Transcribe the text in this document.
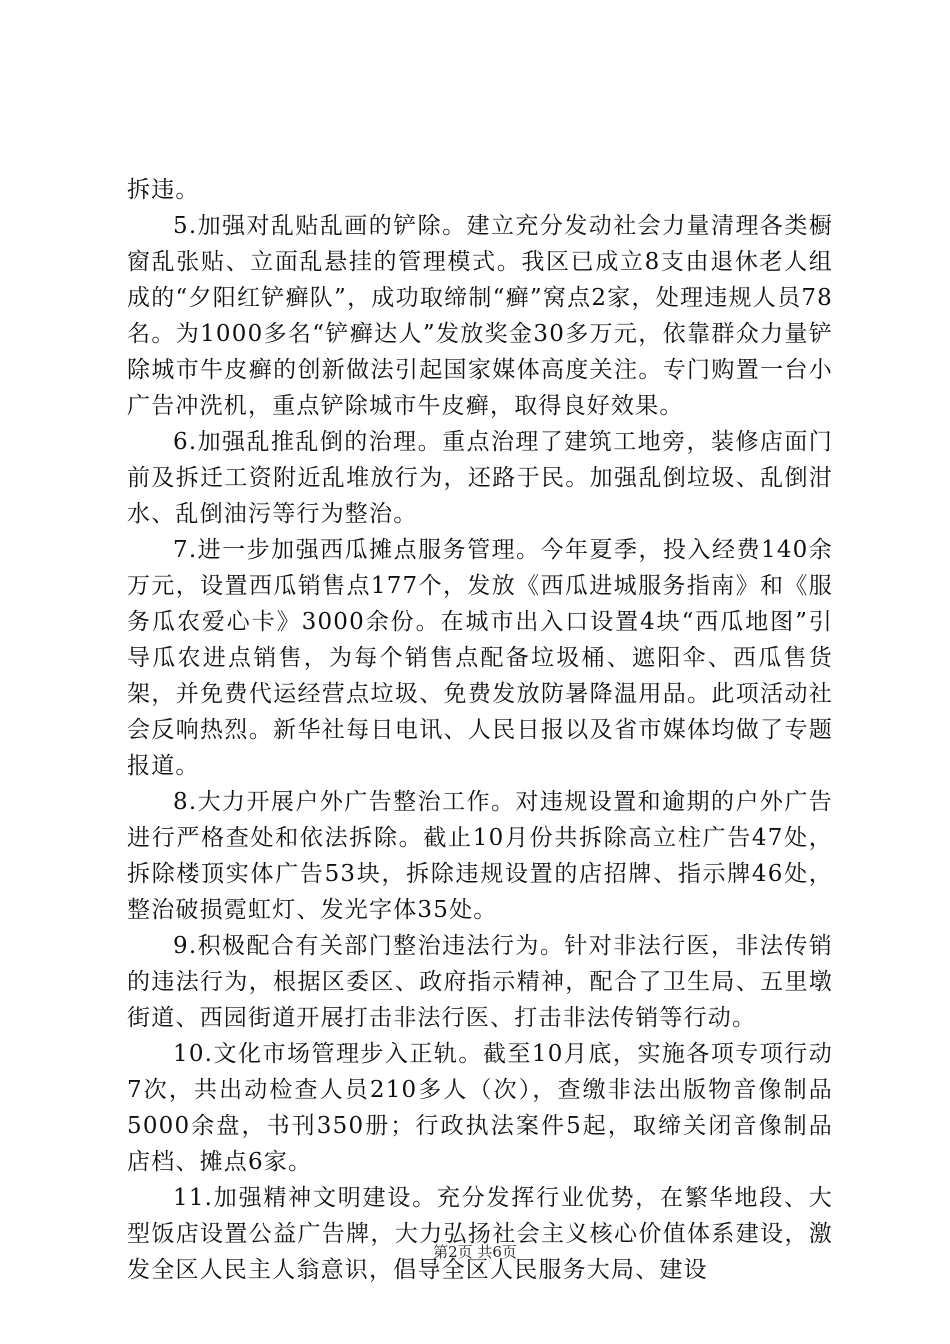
拆违。

5.加强对乱贴乱画的铲除。建立充分发动社会力量清理各类橱窗乱张贴、立面乱悬挂的管理模式。我区已成立8支由退休老人组成的“夕阳红铲癣队”，成功取缔制“癣”窝点2家，处理违规人员78名。为1000多名“铲癣达人”发放奖金30多万元，依靠群众力量铲除城市牛皮癣的创新做法引起国家媒体高度关注。专门购置一台小广告冲洗机，重点铲除城市牛皮癣，取得良好效果。

6.加强乱推乱倒的治理。重点治理了建筑工地旁，装修店面门前及拆迁工资附近乱堆放行为，还路于民。加强乱倒垃圾、乱倒泔水、乱倒油污等行为整治。

7.进一步加强西瓜摊点服务管理。今年夏季，投入经费140余万元，设置西瓜销售点177个，发放《西瓜进城服务指南》和《服务瓜农爱心卡》3000余份。在城市出入口设置4块“西瓜地图”引导瓜农进点销售，为每个销售点配备垃圾桶、遮阳伞、西瓜售货架，并免费代运经营点垃圾、免费发放防暑降温用品。此项活动社会反响热烈。新华社每日电讯、人民日报以及省市媒体均做了专题报道。

8.大力开展户外广告整治工作。对违规设置和逾期的户外广告进行严格查处和依法拆除。截止10月份共拆除高立柱广告47处，拆除楼顶实体广告53块，拆除违规设置的店招牌、指示牌46处，整治破损霓虹灯、发光字体35处。

9.积极配合有关部门整治违法行为。针对非法行医，非法传销的违法行为，根据区委区、政府指示精神，配合了卫生局、五里墩街道、西园街道开展打击非法行医、打击非法传销等行动。

10.文化市场管理步入正轨。截至10月底，实施各项专项行动7次，共出动检查人员210多人（次），查缴非法出版物音像制品5000余盘，书刊350册；行政执法案件5起，取缔关闭音像制品店档、摊点6家。

11.加强精神文明建设。充分发挥行业优势，在繁华地段、大型饭店设置公益广告牌，大力弘扬社会主义核心价值体系建设，激发全区人民主人翁意识，倡导全区人民服务大局、建设

第2页 共6页
